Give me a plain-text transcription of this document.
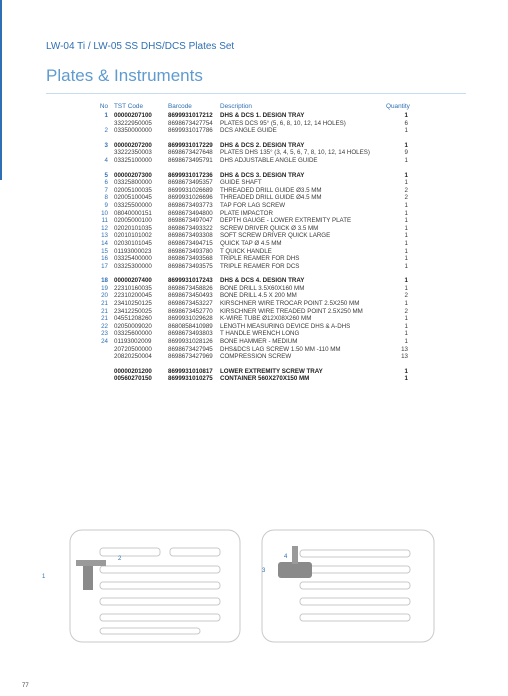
LW-04 Ti / LW-05 SS DHS/DCS Plates Set
Plates & Instruments
No TST Code	Barcode	Description	Quantity
1 00000207100	8699931017212 DHS & DCS 1. DESIGN TRAY	1
33222950005	8698673427754 PLATES DCS 95° (5, 6, 8, 10, 12, 14 HOLES)	6
2 03350000000	8699931017786 DCS ANGLE GUIDE	1
3 00000207200	8699931017229 DHS & DCS 2. DESIGN TRAY	1
33222350003	8698673427648 PLATES DHS 135° (3, 4, 5, 6, 7, 8, 10, 12, 14 HOLES)	9
4 03325100000	8698673495791 DHS ADJUSTABLE ANGLE GUIDE	1
5 00000207300	8699931017236 DHS & DCS 3. DESIGN TRAY	1
6 03325800000	8698673495357 GUIDE SHAFT	1
7 02005100035	8699931026689 THREADED DRILL GUIDE Ø3.5 MM	2
8 02005100045	8699931026696 THREADED DRILL GUIDE Ø4.5 MM	2
9 03325500000	8698673493773 TAP FOR LAG SCREW	1
10 08040000151	8698673494800 PLATE IMPACTOR	1
11 02005000100	8698673497047 DEPTH GAUGE - LOWER EXTREMITY PLATE	1
12 02020101035	8698673493322 SCREW DRIVER QUICK Ø 3.5 MM	1
13 02010101002	8698673493308 SOFT SCREW DRIVER QUICK LARGE	1
14 02030101045	8698673494715 QUICK TAP Ø 4.5 MM	1
15 01193000023	8698673493780 T QUICK HANDLE	1
16 03325400000	8698673493568 TRIPLE REAMER FOR DHS	1
17 03325300000	8698673493575 TRIPLE REAMER FOR DCS	1
18 00000207400	8699931017243 DHS & DCS 4. DESIGN TRAY	1
19 22310160035	8698673458826 BONE DRILL 3.5X60X160 MM	1
20 22310200045	8698673450493 BONE DRILL 4.5 X 200 MM	2
21 23410250125	8698673453227 KIRSCHNER WIRE TROCAR POINT 2.5X250 MM	1
21 23412250025	8698673452770 KIRSCHNER WIRE TREADED POINT 2.5X250 MM	2
21 04551208260	8699931029628 K-WIRE TUBE Ø12X08X260 MM	1
22 02050009020	8680858410989 LENGTH MEASURING DEVICE DHS & A-DHS	1
23 03325600000	8698673493803 T HANDLE WRENCH LONG	1
24 01193002009	8699931028126 BONE HAMMER - MEDIUM	1
20720500000	8698673427945 DHS&DCS LAG SCREW 1.50 MM -110 MM	13
20820250004	8698673427969 COMPRESSION SCREW	13
00000201200	8699931010817 LOWER EXTREMITY SCREW TRAY	1
00560270150	8699931010275 CONTAINER 560X270X150 MM	1
1
2
3
4
77
